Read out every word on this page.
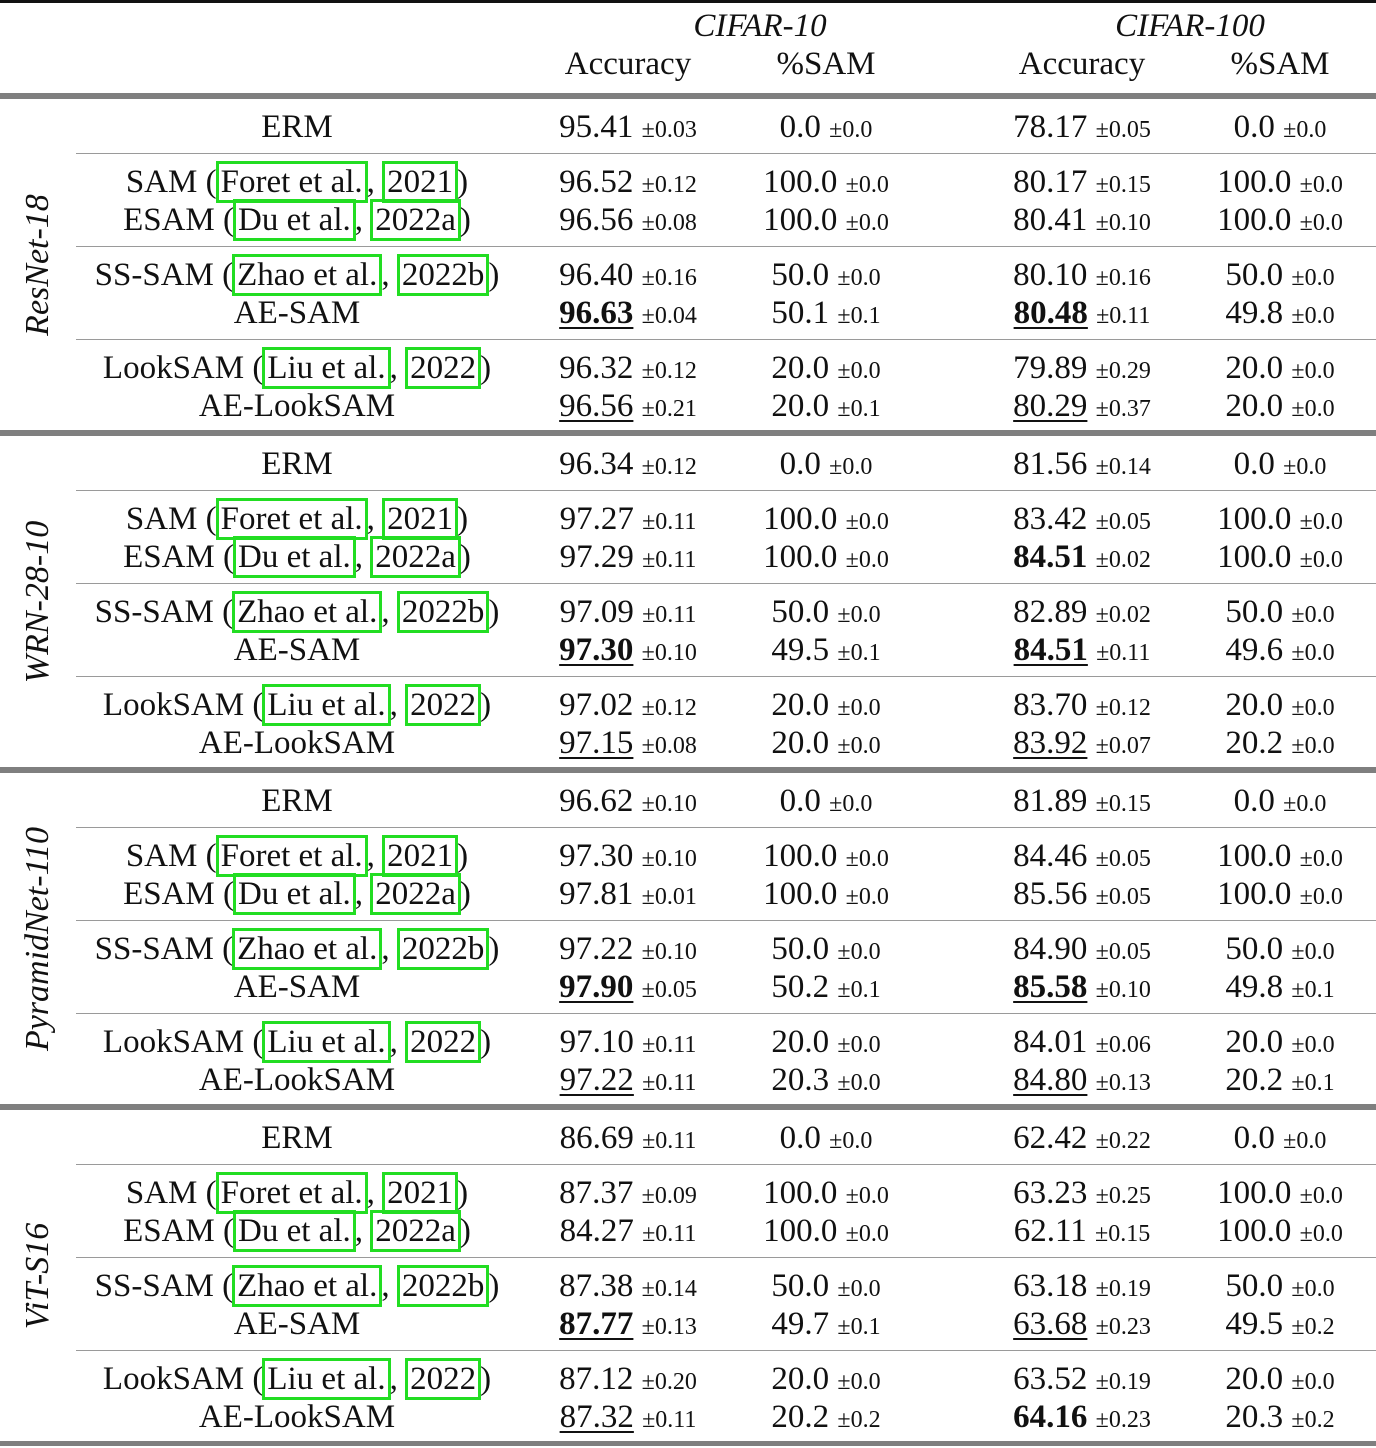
CIFAR-10	CIFAR-100
Accuracy	%SAM	Accuracy	%SAM
ResNet-18
ERM	95.41 ±0.03	0.0 ±0.0	78.17 ±0.05	0.0 ±0.0
SAM ( Foret et al. , 2021 )	96.52 ±0.12	100.0 ±0.0	80.17 ±0.15	100.0 ±0.0
ESAM ( Du et al. , 2022a )	96.56 ±0.08	100.0 ±0.0	80.41 ±0.10	100.0 ±0.0
SS-SAM ( Zhao et al. , 2022b )	96.40 ±0.16	50.0 ±0.0	80.10 ±0.16	50.0 ±0.0
AE-SAM	96.63 ±0.04	50.1 ±0.1	80.48 ±0.11	49.8 ±0.0
LookSAM ( Liu et al. , 2022 )	96.32 ±0.12	20.0 ±0.0	79.89 ±0.29	20.0 ±0.0
AE-LookSAM	96.56 ±0.21	20.0 ±0.1	80.29 ±0.37	20.0 ±0.0
WRN-28-10
ERM	96.34 ±0.12	0.0 ±0.0	81.56 ±0.14	0.0 ±0.0
SAM ( Foret et al. , 2021 )	97.27 ±0.11	100.0 ±0.0	83.42 ±0.05	100.0 ±0.0
ESAM ( Du et al. , 2022a )	97.29 ±0.11	100.0 ±0.0	84.51 ±0.02	100.0 ±0.0
SS-SAM ( Zhao et al. , 2022b )	97.09 ±0.11	50.0 ±0.0	82.89 ±0.02	50.0 ±0.0
AE-SAM	97.30 ±0.10	49.5 ±0.1	84.51 ±0.11	49.6 ±0.0
LookSAM ( Liu et al. , 2022 )	97.02 ±0.12	20.0 ±0.0	83.70 ±0.12	20.0 ±0.0
AE-LookSAM	97.15 ±0.08	20.0 ±0.0	83.92 ±0.07	20.2 ±0.0
PyramidNet-110
ERM	96.62 ±0.10	0.0 ±0.0	81.89 ±0.15	0.0 ±0.0
SAM ( Foret et al. , 2021 )	97.30 ±0.10	100.0 ±0.0	84.46 ±0.05	100.0 ±0.0
ESAM ( Du et al. , 2022a )	97.81 ±0.01	100.0 ±0.0	85.56 ±0.05	100.0 ±0.0
SS-SAM ( Zhao et al. , 2022b )	97.22 ±0.10	50.0 ±0.0	84.90 ±0.05	50.0 ±0.0
AE-SAM	97.90 ±0.05	50.2 ±0.1	85.58 ±0.10	49.8 ±0.1
LookSAM ( Liu et al. , 2022 )	97.10 ±0.11	20.0 ±0.0	84.01 ±0.06	20.0 ±0.0
AE-LookSAM	97.22 ±0.11	20.3 ±0.0	84.80 ±0.13	20.2 ±0.1
ViT-S16
ERM	86.69 ±0.11	0.0 ±0.0	62.42 ±0.22	0.0 ±0.0
SAM ( Foret et al. , 2021 )	87.37 ±0.09	100.0 ±0.0	63.23 ±0.25	100.0 ±0.0
ESAM ( Du et al. , 2022a )	84.27 ±0.11	100.0 ±0.0	62.11 ±0.15	100.0 ±0.0
SS-SAM ( Zhao et al. , 2022b )	87.38 ±0.14	50.0 ±0.0	63.18 ±0.19	50.0 ±0.0
AE-SAM	87.77 ±0.13	49.7 ±0.1	63.68 ±0.23	49.5 ±0.2
LookSAM ( Liu et al. , 2022 )	87.12 ±0.20	20.0 ±0.0	63.52 ±0.19	20.0 ±0.0
AE-LookSAM	87.32 ±0.11	20.2 ±0.2	64.16 ±0.23	20.3 ±0.2
